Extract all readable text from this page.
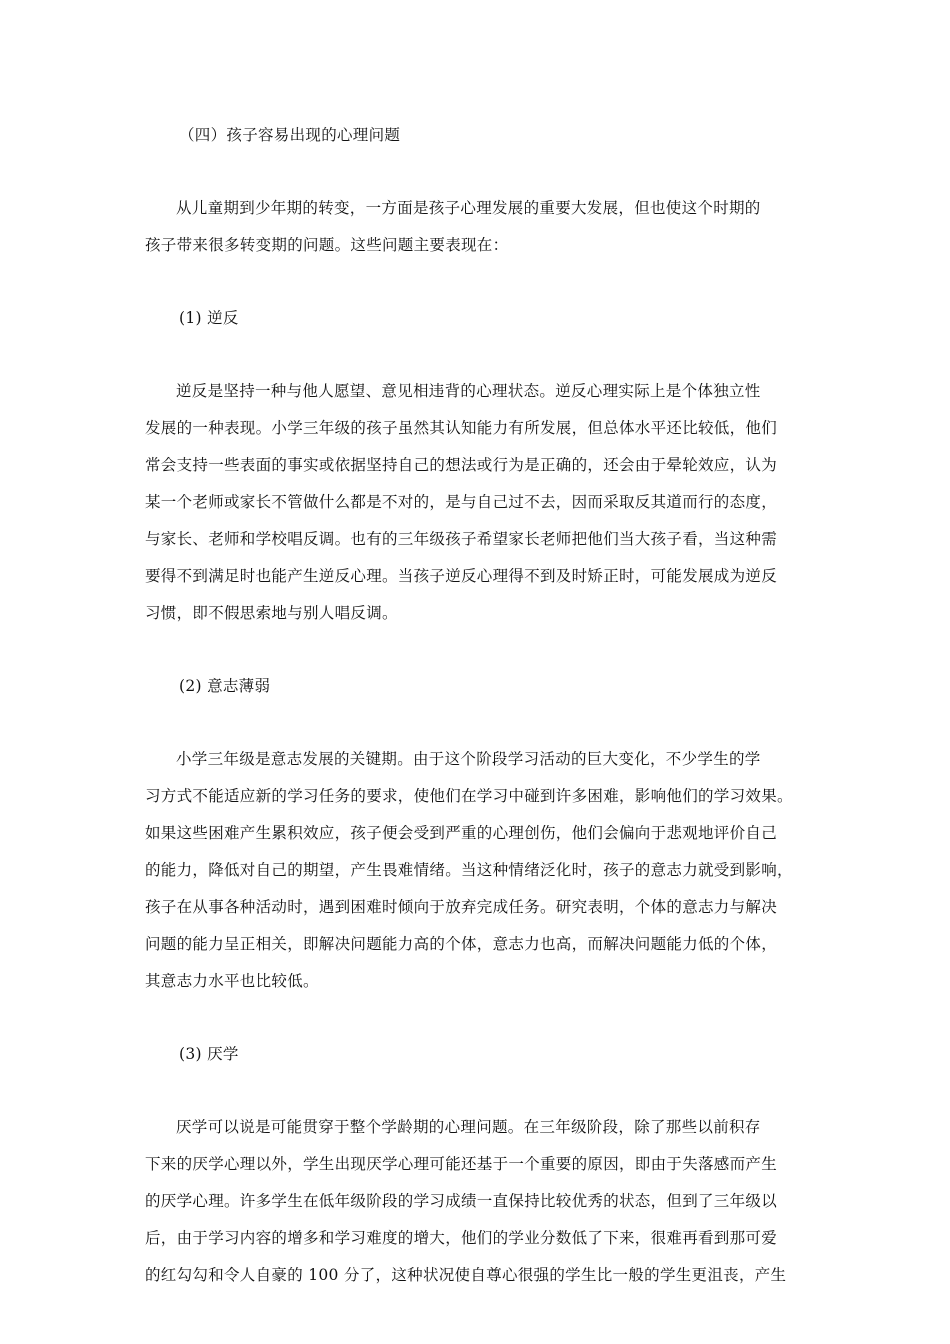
（四）孩子容易出现的心理问题
从儿童期到少年期的转变，一方面是孩子心理发展的重要大发展，但也使这个时期的
孩子带来很多转变期的问题。这些问题主要表现在：
(1) 逆反
逆反是坚持一种与他人愿望、意见相违背的心理状态。逆反心理实际上是个体独立性
发展的一种表现。小学三年级的孩子虽然其认知能力有所发展，但总体水平还比较低，他们
常会支持一些表面的事实或依据坚持自己的想法或行为是正确的，还会由于晕轮效应，认为
某一个老师或家长不管做什么都是不对的，是与自己过不去，因而采取反其道而行的态度，
与家长、老师和学校唱反调。也有的三年级孩子希望家长老师把他们当大孩子看，当这种需
要得不到满足时也能产生逆反心理。当孩子逆反心理得不到及时矫正时，可能发展成为逆反
习惯，即不假思索地与别人唱反调。
(2) 意志薄弱
小学三年级是意志发展的关键期。由于这个阶段学习活动的巨大变化，不少学生的学
习方式不能适应新的学习任务的要求，使他们在学习中碰到许多困难，影响他们的学习效果。
如果这些困难产生累积效应，孩子便会受到严重的心理创伤，他们会偏向于悲观地评价自己
的能力，降低对自己的期望，产生畏难情绪。当这种情绪泛化时，孩子的意志力就受到影响，
孩子在从事各种活动时，遇到困难时倾向于放弃完成任务。研究表明，个体的意志力与解决
问题的能力呈正相关，即解决问题能力高的个体，意志力也高，而解决问题能力低的个体，
其意志力水平也比较低。
(3) 厌学
厌学可以说是可能贯穿于整个学龄期的心理问题。在三年级阶段，除了那些以前积存
下来的厌学心理以外，学生出现厌学心理可能还基于一个重要的原因，即由于失落感而产生
的厌学心理。许多学生在低年级阶段的学习成绩一直保持比较优秀的状态，但到了三年级以
后，由于学习内容的增多和学习难度的增大，他们的学业分数低了下来，很难再看到那可爱
的红勾勾和令人自豪的 100 分了，这种状况使自尊心很强的学生比一般的学生更沮丧，产生
